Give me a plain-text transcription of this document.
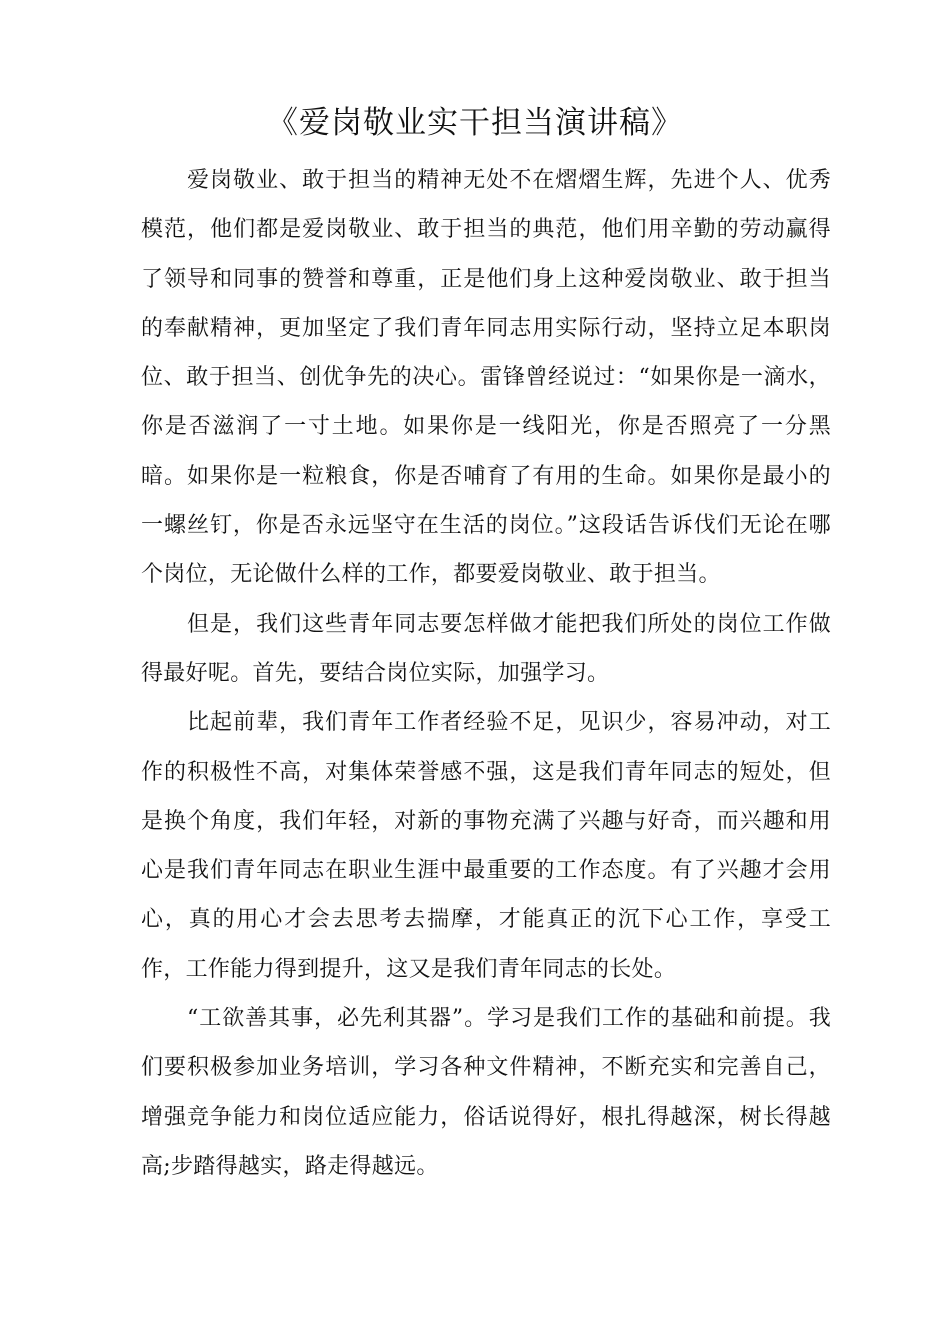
《爱岗敬业实干担当演讲稿》

爱岗敬业、敢于担当的精神无处不在熠熠生辉，先进个人、优秀模范，他们都是爱岗敬业、敢于担当的典范，他们用辛勤的劳动赢得了领导和同事的赞誉和尊重，正是他们身上这种爱岗敬业、敢于担当的奉献精神，更加坚定了我们青年同志用实际行动，坚持立足本职岗位、敢于担当、创优争先的决心。雷锋曾经说过：“如果你是一滴水，你是否滋润了一寸土地。如果你是一线阳光，你是否照亮了一分黑暗。如果你是一粒粮食，你是否哺育了有用的生命。如果你是最小的一螺丝钉，你是否永远坚守在生活的岗位。”这段话告诉伐们无论在哪个岗位，无论做什么样的工作，都要爱岗敬业、敢于担当。

但是，我们这些青年同志要怎样做才能把我们所处的岗位工作做得最好呢。首先，要结合岗位实际，加强学习。

比起前辈，我们青年工作者经验不足，见识少，容易冲动，对工作的积极性不高，对集体荣誉感不强，这是我们青年同志的短处，但是换个角度，我们年轻，对新的事物充满了兴趣与好奇，而兴趣和用心是我们青年同志在职业生涯中最重要的工作态度。有了兴趣才会用心，真的用心才会去思考去揣摩，才能真正的沉下心工作，享受工作，工作能力得到提升，这又是我们青年同志的长处。

“工欲善其事，必先利其器”。学习是我们工作的基础和前提。我们要积极参加业务培训，学习各种文件精神，不断充实和完善自己，增强竞争能力和岗位适应能力，俗话说得好，根扎得越深，树长得越高;步踏得越实，路走得越远。
